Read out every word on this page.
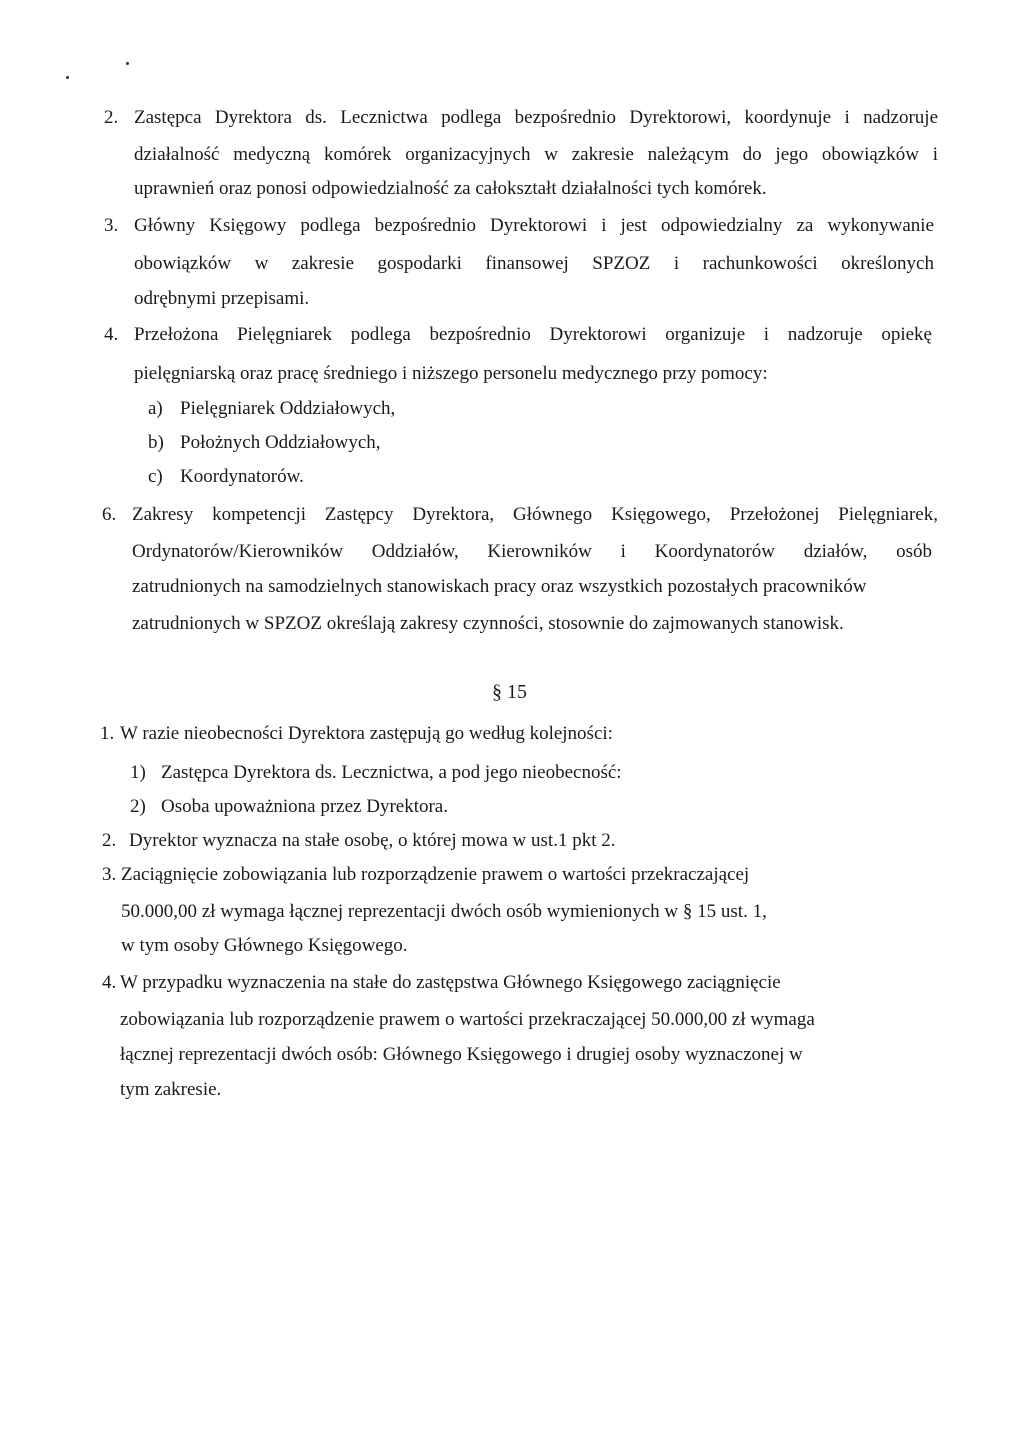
2. Zastępca Dyrektora ds. Lecznictwa podlega bezpośrednio Dyrektorowi, koordynuje i nadzoruje
działalność medyczną komórek organizacyjnych w zakresie należącym do jego obowiązków i
uprawnień oraz ponosi odpowiedzialność za całokształt działalności tych komórek.
3. Główny Księgowy podlega bezpośrednio Dyrektorowi i jest odpowiedzialny za wykonywanie
obowiązków w zakresie gospodarki finansowej SPZOZ i rachunkowości określonych
odrębnymi przepisami.
4. Przełożona Pielęgniarek podlega bezpośrednio Dyrektorowi organizuje i nadzoruje opiekę
pielęgniarską oraz pracę średniego i niższego personelu medycznego przy pomocy:
a) Pielęgniarek Oddziałowych,
b) Położnych Oddziałowych,
c) Koordynatorów.
6. Zakresy kompetencji Zastępcy Dyrektora, Głównego Księgowego, Przełożonej Pielęgniarek,
Ordynatorów/Kierowników Oddziałów, Kierowników i Koordynatorów działów, osób
zatrudnionych na samodzielnych stanowiskach pracy oraz wszystkich pozostałych pracowników
zatrudnionych w SPZOZ określają zakresy czynności, stosownie do zajmowanych stanowisk.
§ 15
1. W razie nieobecności Dyrektora zastępują go według kolejności:
1) Zastępca Dyrektora ds. Lecznictwa, a pod jego nieobecność:
2) Osoba upoważniona przez Dyrektora.
2. Dyrektor wyznacza na stałe osobę, o której mowa w ust.1 pkt 2.
3. Zaciągnięcie zobowiązania lub rozporządzenie prawem o wartości przekraczającej
50.000,00 zł wymaga łącznej reprezentacji dwóch osób wymienionych w § 15 ust. 1,
w tym osoby Głównego Księgowego.
4. W przypadku wyznaczenia na stałe do zastępstwa Głównego Księgowego zaciągnięcie
zobowiązania lub rozporządzenie prawem o wartości przekraczającej 50.000,00 zł wymaga
łącznej reprezentacji dwóch osób: Głównego Księgowego i drugiej osoby wyznaczonej w
tym zakresie.
